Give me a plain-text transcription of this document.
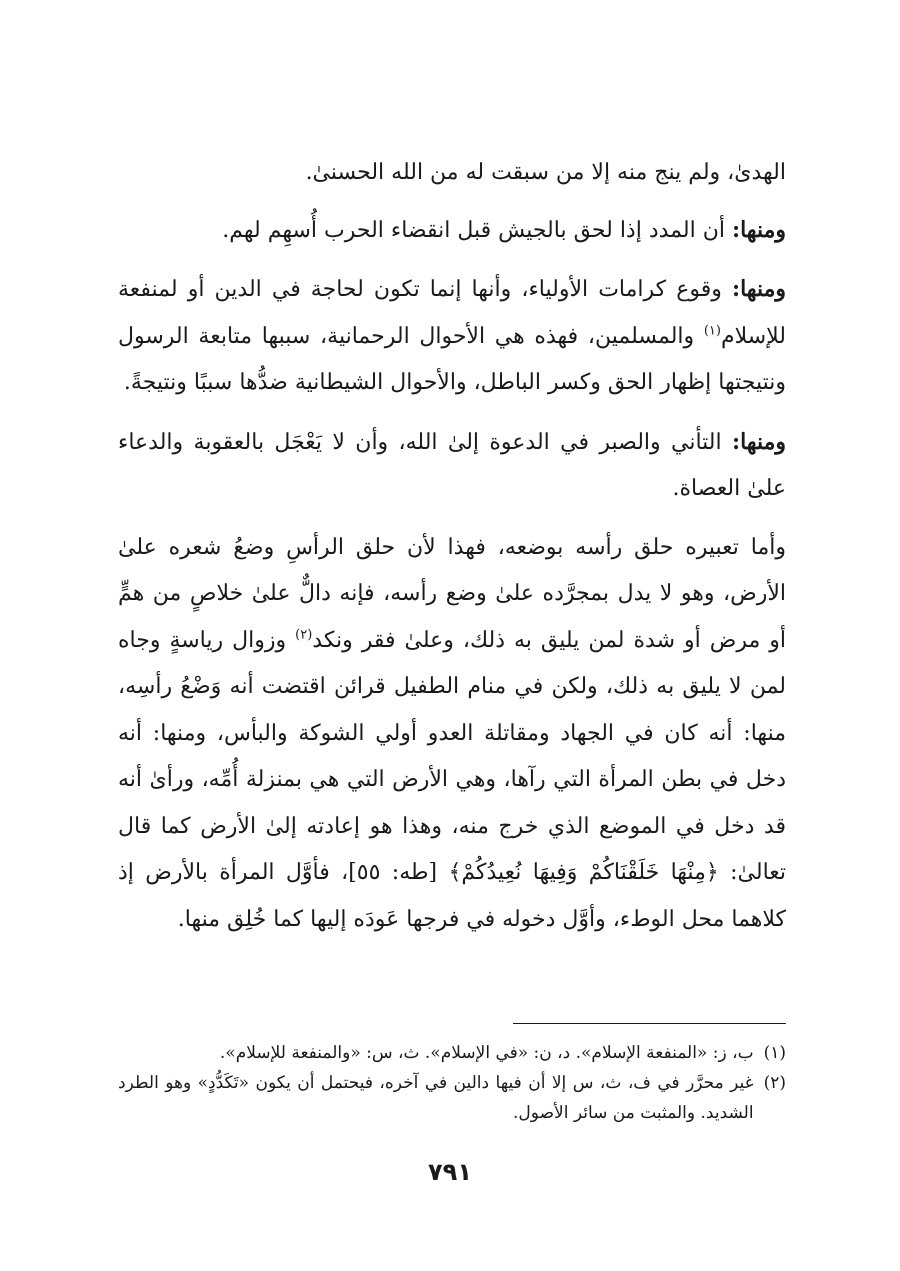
الهدىٰ، ولم ينج منه إلا من سبقت له من الله الحسنىٰ.

ومنها: أن المدد إذا لحق بالجيش قبل انقضاء الحرب أُسهِم لهم.

ومنها: وقوع كرامات الأولياء، وأنها إنما تكون لحاجة في الدين أو لمنفعة للإسلام$^{(١)}$ والمسلمين، فهذه هي الأحوال الرحمانية، سببها متابعة الرسول ونتيجتها إظهار الحق وكسر الباطل، والأحوال الشيطانية ضدُّها سببًا ونتيجةً.

ومنها: التأني والصبر في الدعوة إلىٰ الله، وأن لا يَعْجَل بالعقوبة والدعاء علىٰ العصاة.

وأما تعبيره حلق رأسه بوضعه، فهذا لأن حلق الرأسِ وضعُ شعره علىٰ الأرض، وهو لا يدل بمجرَّده علىٰ وضع رأسه، فإنه دالٌّ علىٰ خلاصٍ من همٍّ أو مرض أو شدة لمن يليق به ذلك، وعلىٰ فقر ونكد$^{(٢)}$ وزوال رياسةٍ وجاه لمن لا يليق به ذلك، ولكن في منام الطفيل قرائن اقتضت أنه وَضْعُ رأسِه، منها: أنه كان في الجهاد ومقاتلة العدو أولي الشوكة والبأس، ومنها: أنه دخل في بطن المرأة التي رآها، وهي الأرض التي هي بمنزلة أُمِّه، ورأىٰ أنه قد دخل في الموضع الذي خرج منه، وهذا هو إعادته إلىٰ الأرض كما قال تعالىٰ: ﴿مِنْهَا خَلَقْنَاكُمْ وَفِيهَا نُعِيدُكُمْ﴾ [طه: ٥٥]، فأوَّل المرأة بالأرض إذ كلاهما محل الوطء، وأوَّل دخوله في فرجها عَودَه إليها كما خُلِق منها.

(١)
ب، ز: «المنفعة الإسلام». د، ن: «في الإسلام». ث، س: «والمنفعة للإسلام».
(٢)
غير محرَّر في ف، ث، س إلا أن فيها دالين في آخره، فيحتمل أن يكون «تَكَدُّدٍ» وهو الطرد الشديد. والمثبت من سائر الأصول.
٧٩١
